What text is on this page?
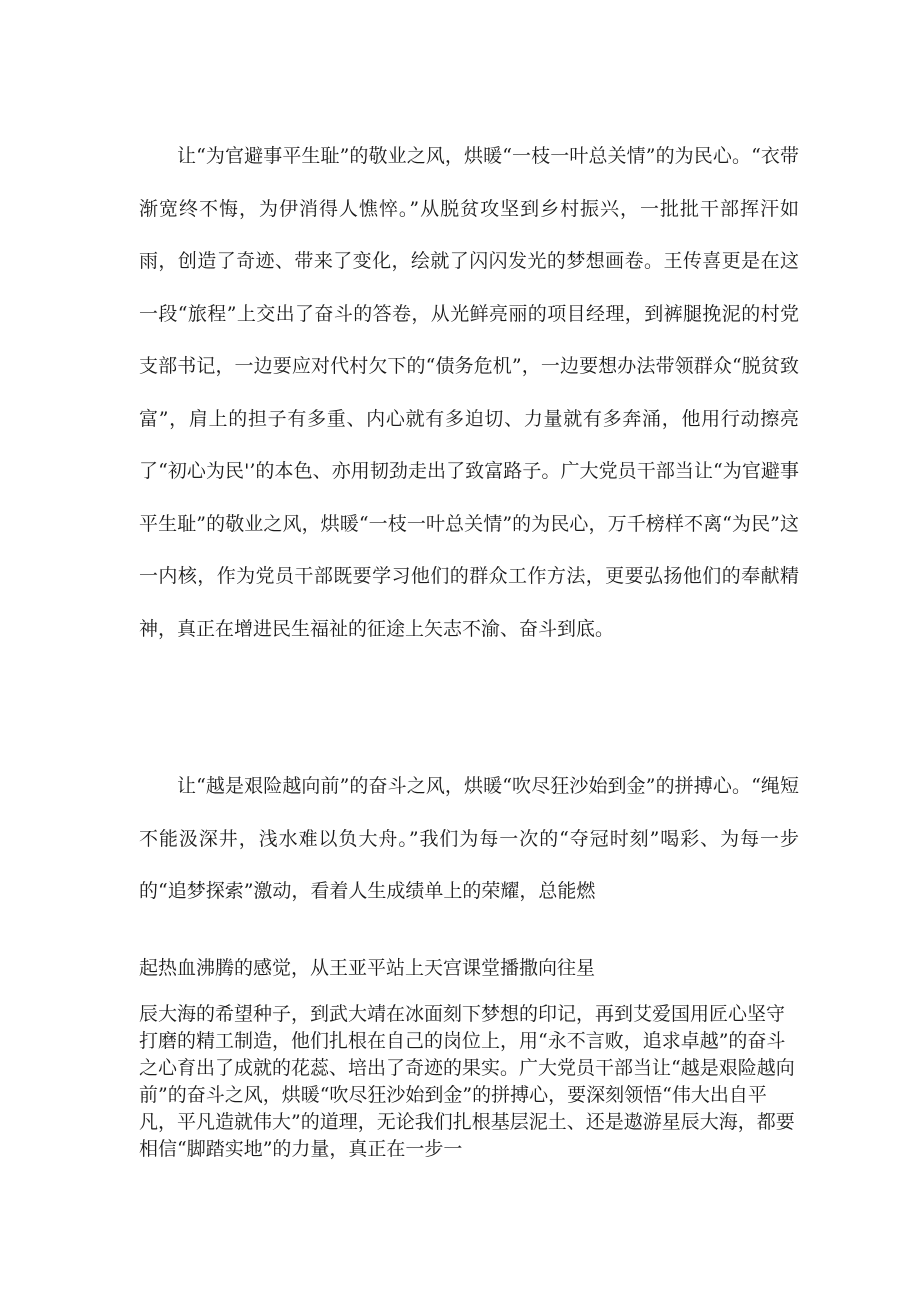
让“为官避事平生耻”的敬业之风，烘暖“一枝一叶总关情”的为民心。“衣带渐宽终不悔，为伊消得人憔悴。”从脱贫攻坚到乡村振兴，一批批干部挥汗如雨，创造了奇迹、带来了变化，绘就了闪闪发光的梦想画卷。王传喜更是在这一段“旅程”上交出了奋斗的答卷，从光鲜亮丽的项目经理，到裤腿挽泥的村党支部书记，一边要应对代村欠下的“债务危机”，一边要想办法带领群众“脱贫致富”，肩上的担子有多重、内心就有多迫切、力量就有多奔涌，他用行动擦亮了“初心为民'’的本色、亦用韧劲走出了致富路子。广大党员干部当让“为官避事平生耻”的敬业之风，烘暖“一枝一叶总关情”的为民心，万千榜样不离“为民”这一内核，作为党员干部既要学习他们的群众工作方法，更要弘扬他们的奉献精神，真正在增进民生福祉的征途上矢志不渝、奋斗到底。

让“越是艰险越向前”的奋斗之风，烘暖“吹尽狂沙始到金”的拼搏心。“绳短不能汲深井，浅水难以负大舟。”我们为每一次的“夺冠时刻”喝彩、为每一步的“追梦探索”激动，看着人生成绩单上的荣耀，总能燃

起热血沸腾的感觉，从王亚平站上天宫课堂播撒向往星
辰大海的希望种子，到武大靖在冰面刻下梦想的印记，再到艾爱国用匠心坚守打磨的精工制造，他们扎根在自己的岗位上，用“永不言败，追求卓越”的奋斗之心育出了成就的花蕊、培出了奇迹的果实。广大党员干部当让“越是艰险越向前”的奋斗之风，烘暖“吹尽狂沙始到金”的拼搏心，要深刻领悟“伟大出自平凡，平凡造就伟大”的道理，无论我们扎根基层泥土、还是遨游星辰大海，都要相信“脚踏实地”的力量，真正在一步一
